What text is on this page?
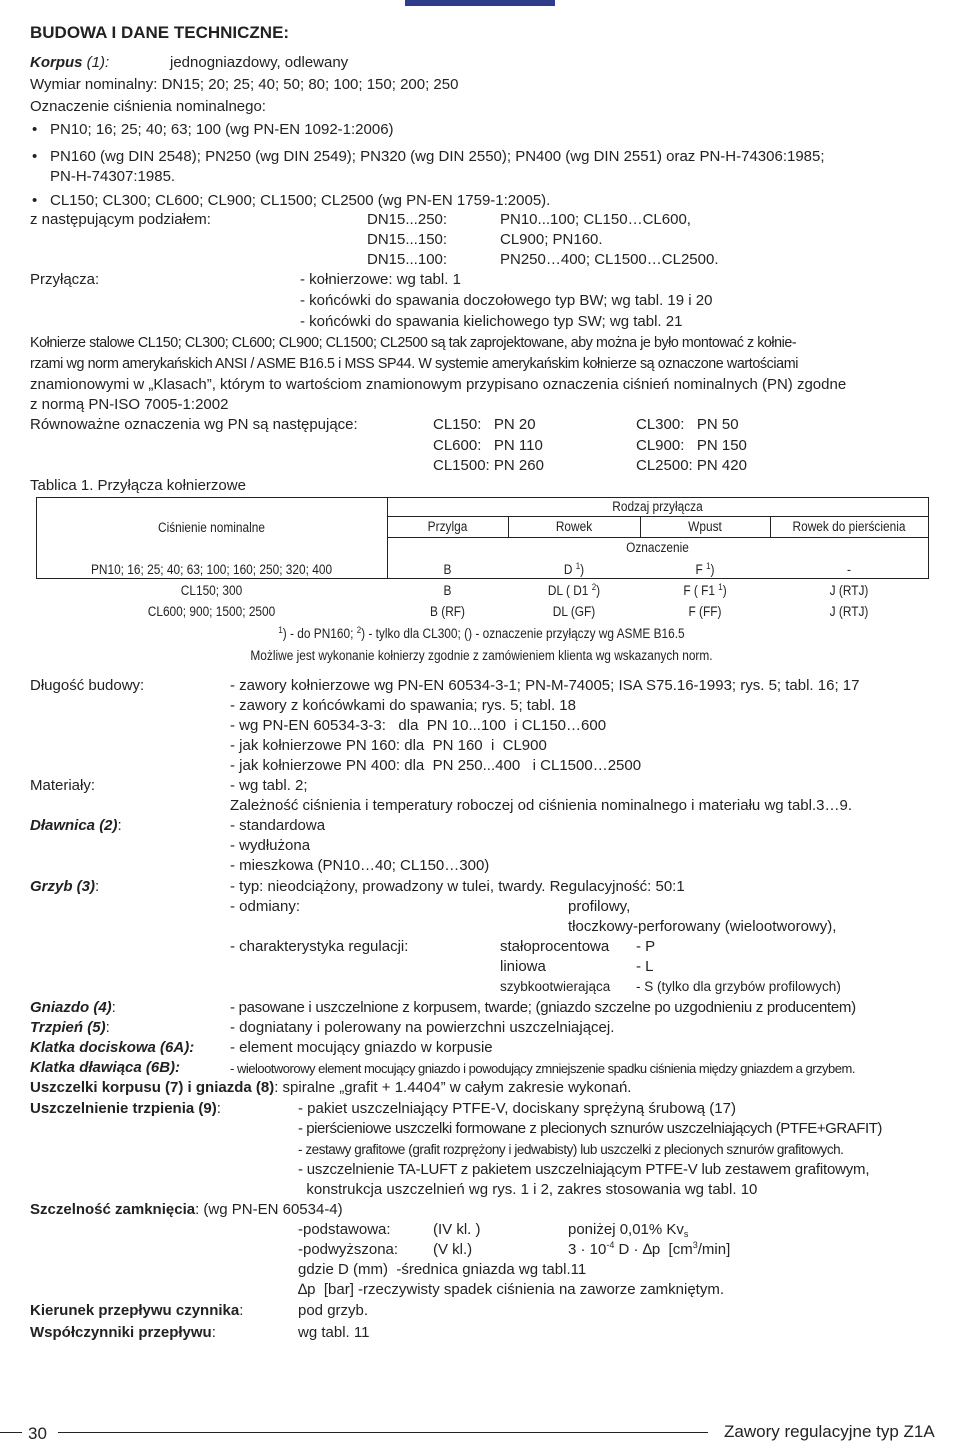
BUDOWA I DANE TECHNICZNE:
Korpus (1):	jednogniazdowy, odlewany
Wymiar nominalny: DN15; 20; 25; 40; 50; 80; 100; 150; 200; 250
Oznaczenie ciśnienia nominalnego:
• PN10; 16; 25; 40; 63; 100 (wg PN-EN 1092-1:2006)
• PN160 (wg DIN 2548); PN250 (wg DIN 2549); PN320 (wg DIN 2550); PN400 (wg DIN 2551) oraz PN-H-74306:1985;
PN-H-74307:1985.
• CL150; CL300; CL600; CL900; CL1500; CL2500 (wg PN-EN 1759-1:2005).
z następującym podziałem:	DN15...250:	PN10...100; CL150…CL600,
DN15...150:	CL900; PN160.
DN15...100:	PN250…400; CL1500…CL2500.
Przyłącza:	- kołnierzowe: wg tabl. 1
- końcówki do spawania doczołowego typ BW; wg tabl. 19 i 20
- końcówki do spawania kielichowego typ SW; wg tabl. 21
Kołnierze stalowe CL150; CL300; CL600; CL900; CL1500; CL2500 są tak zaprojektowane, aby można je było montować z kołnie-
rzami wg norm amerykańskich ANSI / ASME B16.5 i MSS SP44. W systemie amerykańskim kołnierze są oznaczone wartościami
znamionowymi w „Klasach”, którym to wartościom znamionowym przypisano oznaczenia ciśnień nominalnych (PN) zgodne
z normą PN-ISO 7005-1:2002
Równoważne oznaczenia wg PN są następujące:	CL150:   PN 20	CL300:   PN 50
CL600:   PN 110	CL900:   PN 150
CL1500: PN 260	CL2500: PN 420
Tablica 1. Przyłącza kołnierzowe
Rodzaj przyłącza
Ciśnienie nominalne	Przylga	Rowek	Wpust	Rowek do pierścienia
Oznaczenie
PN10; 16; 25; 40; 63; 100; 160; 250; 320; 400	B	D $^1$)	F $^1$)	-
CL150; 300	B	DL ( D1 $^2$)	F ( F1 $^1$)	J (RTJ)
CL600; 900; 1500; 2500	B (RF)	DL (GF)	F (FF)	J (RTJ)
$^1$) - do PN160; $^2$) - tylko dla CL300; () - oznaczenie przyłączy wg ASME B16.5
Możliwe jest wykonanie kołnierzy zgodnie z zamówieniem klienta wg wskazanych norm.
Długość budowy:	- zawory kołnierzowe wg PN-EN 60534-3-1; PN-M-74005; ISA S75.16-1993; rys. 5; tabl. 16; 17
- zawory z końcówkami do spawania; rys. 5; tabl. 18
- wg PN-EN 60534-3-3:   dla  PN 10...100  i CL150…600
- jak kołnierzowe PN 160: dla  PN 160  i  CL900
- jak kołnierzowe PN 400: dla  PN 250...400   i CL1500…2500
Materiały:	- wg tabl. 2;
Zależność ciśnienia i temperatury roboczej od ciśnienia nominalnego i materiału wg tabl.3…9.
Dławnica (2):	- standardowa
- wydłużona
- mieszkowa (PN10…40; CL150…300)
Grzyb (3):	- typ: nieodciążony, prowadzony w tulei, twardy. Regulacyjność: 50:1
- odmiany:	profilowy,
tłoczkowy-perforowany (wielootworowy),
- charakterystyka regulacji:	stałoprocentowa - P
liniowa	- L
szybkootwierająca - S (tylko dla grzybów profilowych)
Gniazdo (4):	- pasowane i uszczelnione z korpusem, twarde; (gniazdo szczelne po uzgodnieniu z producentem)
Trzpień (5):	- dogniatany i polerowany na powierzchni uszczelniającej.
Klatka dociskowa (6A): - element mocujący gniazdo w korpusie
Klatka dławiąca (6B):	- wielootworowy element mocujący gniazdo i powodujący zmniejszenie spadku ciśnienia między gniazdem a grzybem.
Uszczelki korpusu (7) i gniazda (8): spiralne „grafit + 1.4404” w całym zakresie wykonań.
Uszczelnienie trzpienia (9):	- pakiet uszczelniający PTFE-V, dociskany sprężyną śrubową (17)
- pierścieniowe uszczelki formowane z plecionych sznurów uszczelniających (PTFE+GRAFIT)
- zestawy grafitowe (grafit rozprężony i jedwabisty) lub uszczelki z plecionych sznurów grafitowych.
- uszczelnienie TA-LUFT z pakietem uszczelniającym PTFE-V lub zestawem grafitowym,
konstrukcja uszczelnień wg rys. 1 i 2, zakres stosowania wg tabl. 10
Szczelność zamknięcia: (wg PN-EN 60534-4)
-podstawowa:	(IV kl. )	poniżej 0,01% Kvs
-podwyższona: (V kl.)	$3 \cdot 10^{-4}$ D · ∆p  $[cm^3/\min]$
gdzie D (mm)  -średnica gniazda wg tabl.11
∆p  [bar] -rzeczywisty spadek ciśnienia na zaworze zamkniętym.
Kierunek przepływu czynnika:	pod grzyb.
Współczynniki przepływu:	wg tabl. 11
30	Zawory regulacyjne typ Z1A
